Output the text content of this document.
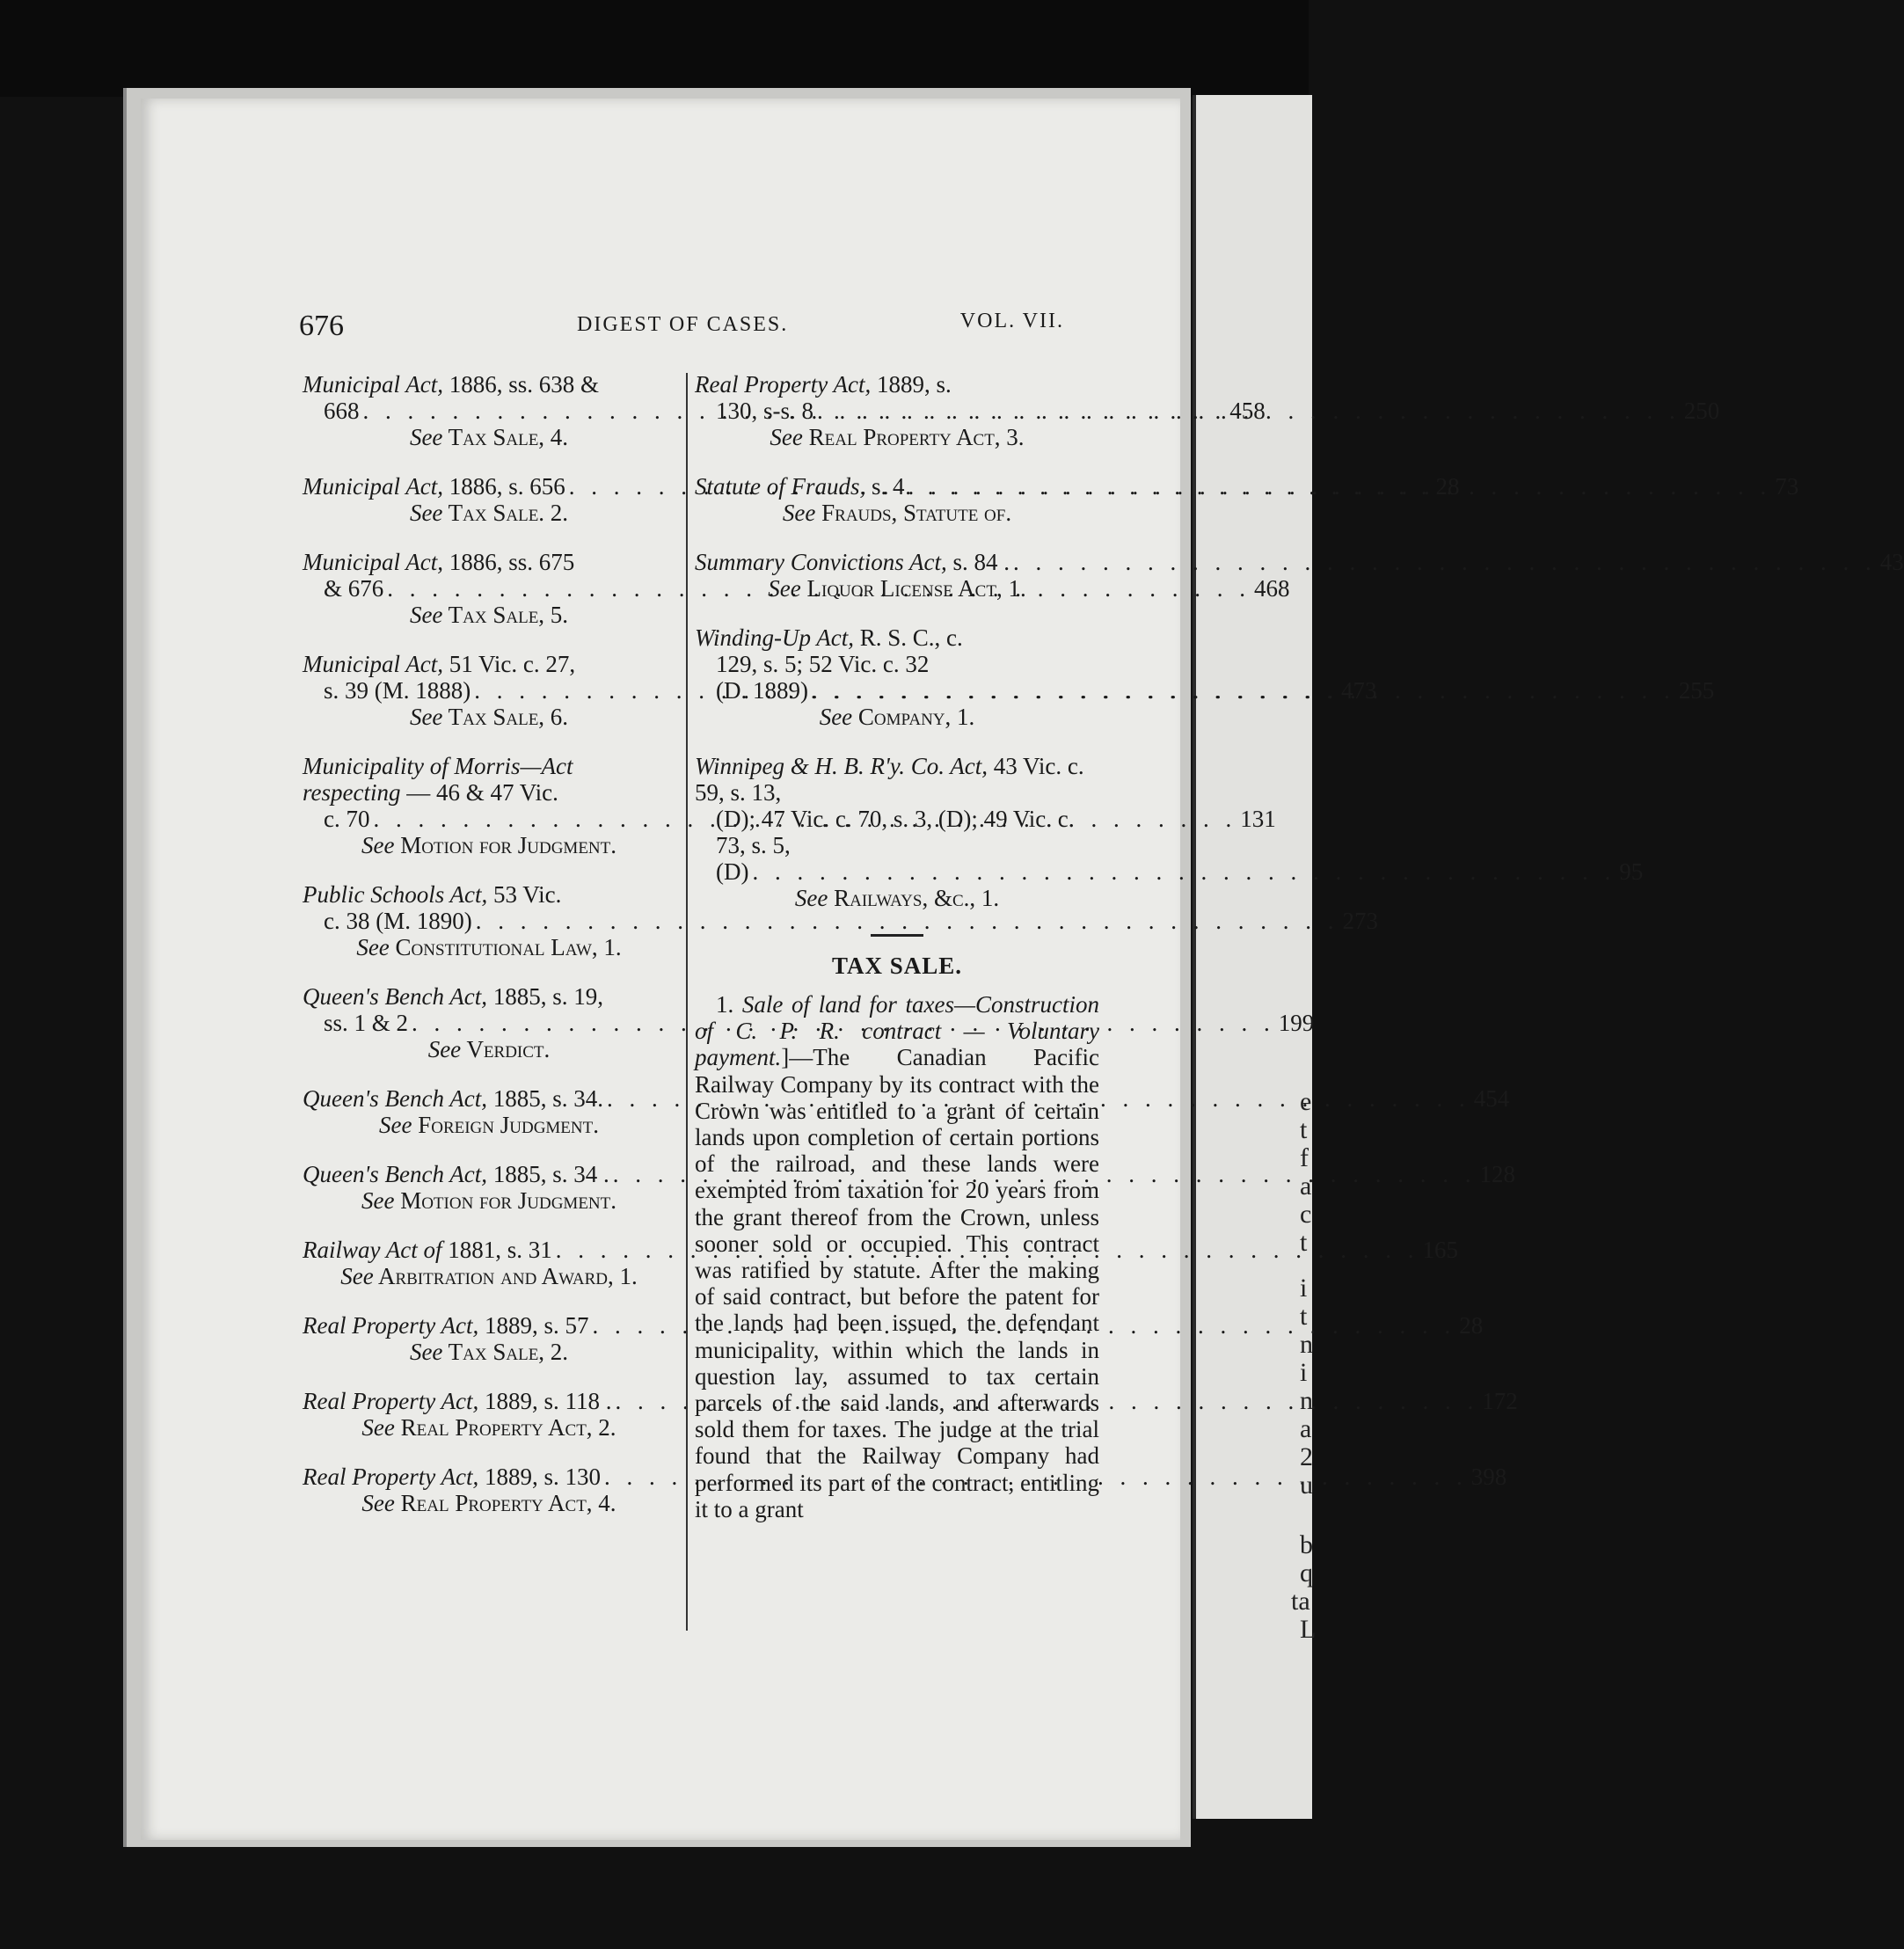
676	DIGEST OF CASES.	VOL. VII.
Municipal Act, 1886, ss. 638 &
668 . . .	458
See Tax Sale, 4.
Municipal Act, 1886, s. 656 . . .	28
See Tax Sale. 2.
Municipal Act, 1886, ss. 675
& 676 . . .	468
See Tax Sale, 5.
Municipal Act, 51 Vic. c. 27,
s. 39 (M. 1888) . . .	473
See Tax Sale, 6.
Municipality of Morris—Act respecting — 46 & 47 Vic.
c. 70 . . .	131
See Motion for Judgment.
Public Schools Act, 53 Vic.
c. 38 (M. 1890) . . .	273
See Constitutional Law, 1.
Queen's Bench Act, 1885, s. 19,
ss. 1 & 2 . . .	199
See Verdict.
Queen's Bench Act, 1885, s. 34. . . .	454
See Foreign Judgment.
Queen's Bench Act, 1885, s. 34 . . . .	128
See Motion for Judgment.
Railway Act of 1881, s. 31 . . .	165
See Arbitration and Award, 1.
Real Property Act, 1889, s. 57 . . .	28
See Tax Sale, 2.
Real Property Act, 1889, s. 118 . . . .	172
See Real Property Act, 2.
Real Property Act, 1889, s. 130 . . .	398
See Real Property Act, 4.
Real Property Act, 1889, s.
130, s-s. 8 . . .	250
See Real Property Act, 3.
Statute of Frauds, s. 4 . . .	73
See Frauds, Statute of.
Summary Convictions Act, s. 84 . . . .	43
See Liquor License Act, 1.
Winding-Up Act, R. S. C., c.
129, s. 5; 52 Vic. c. 32
(D. 1889) . . .	255
See Company, 1.
Winnipeg & H. B. R'y. Co. Act, 43 Vic. c. 59, s. 13,
(D); 47 Vic. c. 70, s. 3, (D); 49 Vic. c. 73, s. 5,
(D) . . .	95
See Railways, &c., 1.
TAX SALE.

1. Sale of land for taxes—Construction of C. P. R. contract — Voluntary payment.]—The Canadian Pacific Railway Company by its contract with the Crown was entitled to a grant of certain lands upon completion of certain portions of the railroad, and these lands were exempted from taxation for 20 years from the grant thereof from the Crown, unless sooner sold or occupied. This contract was ratified by statute. After the making of said contract, but before the patent for the lands had been issued, the defendant municipality, within which the lands in question lay, assumed to tax certain parcels of the said lands, and afterwards sold them for taxes. The judge at the trial found that the Railway Company had performed its part of the contract, entitling it to a grant

e
t
f
a
c
t
i
t
n
i
n
a
2
u
b
q
ta
L
